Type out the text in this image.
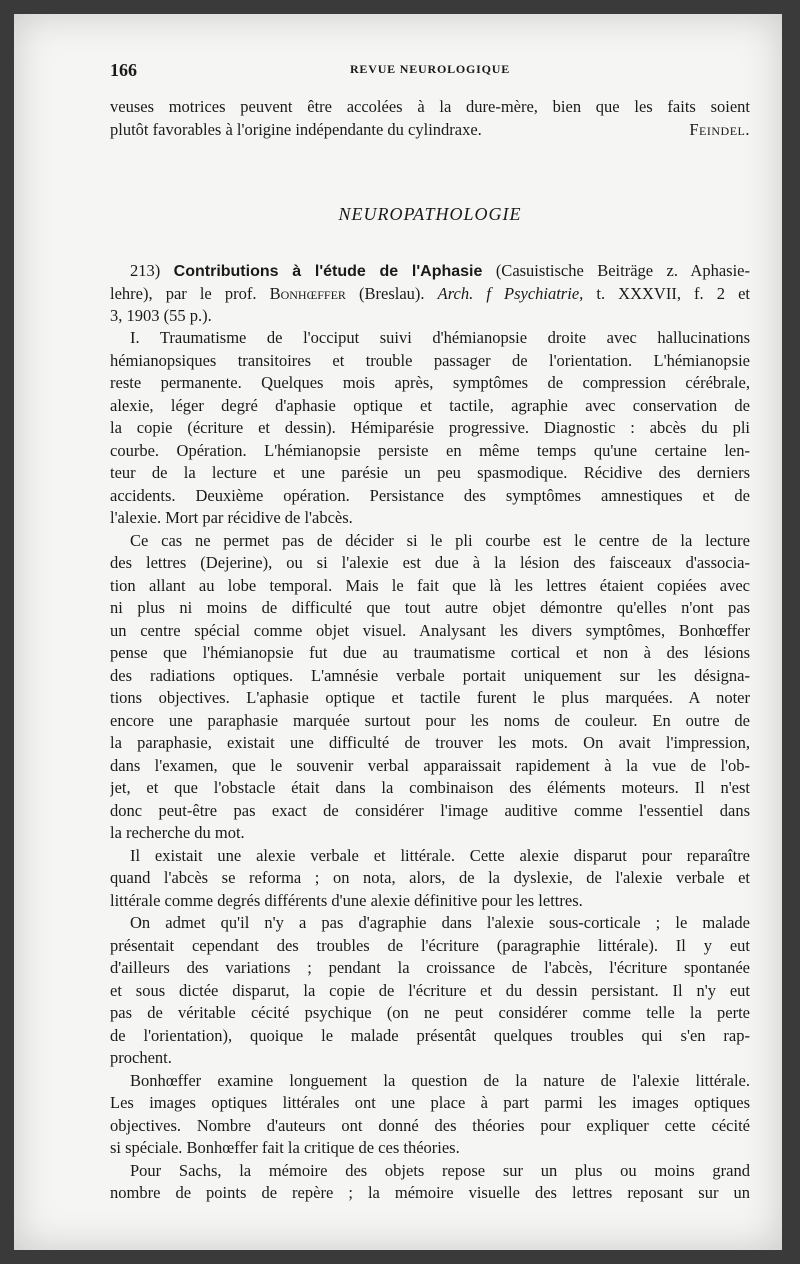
166	REVUE NEUROLOGIQUE
veuses motrices peuvent être accolées à la dure-mère, bien que les faits soient
plutôt favorables à l'origine indépendante du cylindraxe.	Feindel.
NEUROPATHOLOGIE
213) Contributions à l'étude de l'Aphasie (Casuistische Beiträge z. Aphasie-
lehre), par le prof. Bonhœffer (Breslau). Arch. f Psychiatrie, t. XXXVII, f. 2 et
3, 1903 (55 p.).
I. Traumatisme de l'occiput suivi d'hémianopsie droite avec hallucinations
hémianopsiques transitoires et trouble passager de l'orientation. L'hémianopsie
reste permanente. Quelques mois après, symptômes de compression cérébrale,
alexie, léger degré d'aphasie optique et tactile, agraphie avec conservation de
la copie (écriture et dessin). Hémiparésie progressive. Diagnostic : abcès du pli
courbe. Opération. L'hémianopsie persiste en même temps qu'une certaine len-
teur de la lecture et une parésie un peu spasmodique. Récidive des derniers
accidents. Deuxième opération. Persistance des symptômes amnestiques et de
l'alexie. Mort par récidive de l'abcès.
Ce cas ne permet pas de décider si le pli courbe est le centre de la lecture
des lettres (Dejerine), ou si l'alexie est due à la lésion des faisceaux d'associa-
tion allant au lobe temporal. Mais le fait que là les lettres étaient copiées avec
ni plus ni moins de difficulté que tout autre objet démontre qu'elles n'ont pas
un centre spécial comme objet visuel. Analysant les divers symptômes, Bonhœffer
pense que l'hémianopsie fut due au traumatisme cortical et non à des lésions
des radiations optiques. L'amnésie verbale portait uniquement sur les désigna-
tions objectives. L'aphasie optique et tactile furent le plus marquées. A noter
encore une paraphasie marquée surtout pour les noms de couleur. En outre de
la paraphasie, existait une difficulté de trouver les mots. On avait l'impression,
dans l'examen, que le souvenir verbal apparaissait rapidement à la vue de l'ob-
jet, et que l'obstacle était dans la combinaison des éléments moteurs. Il n'est
donc peut-être pas exact de considérer l'image auditive comme l'essentiel dans
la recherche du mot.
Il existait une alexie verbale et littérale. Cette alexie disparut pour reparaître
quand l'abcès se reforma ; on nota, alors, de la dyslexie, de l'alexie verbale et
littérale comme degrés différents d'une alexie définitive pour les lettres.
On admet qu'il n'y a pas d'agraphie dans l'alexie sous-corticale ; le malade
présentait cependant des troubles de l'écriture (paragraphie littérale). Il y eut
d'ailleurs des variations ; pendant la croissance de l'abcès, l'écriture spontanée
et sous dictée disparut, la copie de l'écriture et du dessin persistant. Il n'y eut
pas de véritable cécité psychique (on ne peut considérer comme telle la perte
de l'orientation), quoique le malade présentât quelques troubles qui s'en rap-
prochent.
Bonhœffer examine longuement la question de la nature de l'alexie littérale.
Les images optiques littérales ont une place à part parmi les images optiques
objectives. Nombre d'auteurs ont donné des théories pour expliquer cette cécité
si spéciale. Bonhœffer fait la critique de ces théories.
Pour Sachs, la mémoire des objets repose sur un plus ou moins grand
nombre de points de repère ; la mémoire visuelle des lettres reposant sur un
